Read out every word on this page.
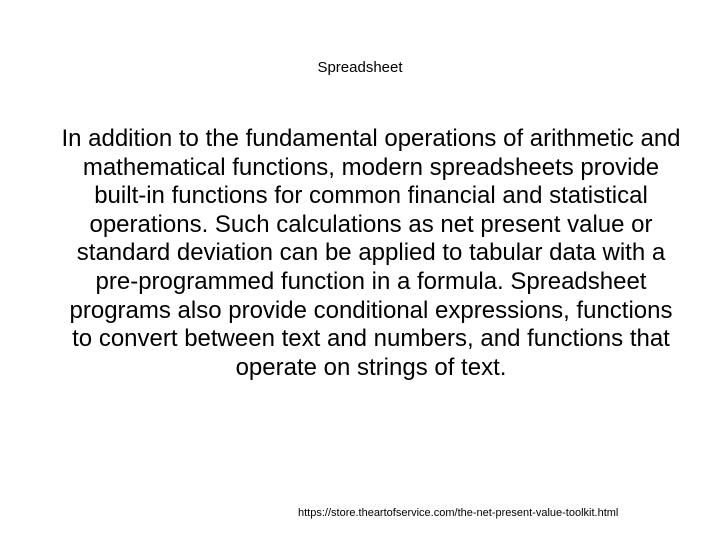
Spreadsheet
In addition to the fundamental operations of arithmetic and mathematical functions, modern spreadsheets provide built-in functions for common financial and statistical operations. Such calculations as net present value or standard deviation can be applied to tabular data with a pre-programmed function in a formula. Spreadsheet programs also provide conditional expressions, functions to convert between text and numbers, and functions that operate on strings of text.
https://store.theartofservice.com/the-net-present-value-toolkit.html
